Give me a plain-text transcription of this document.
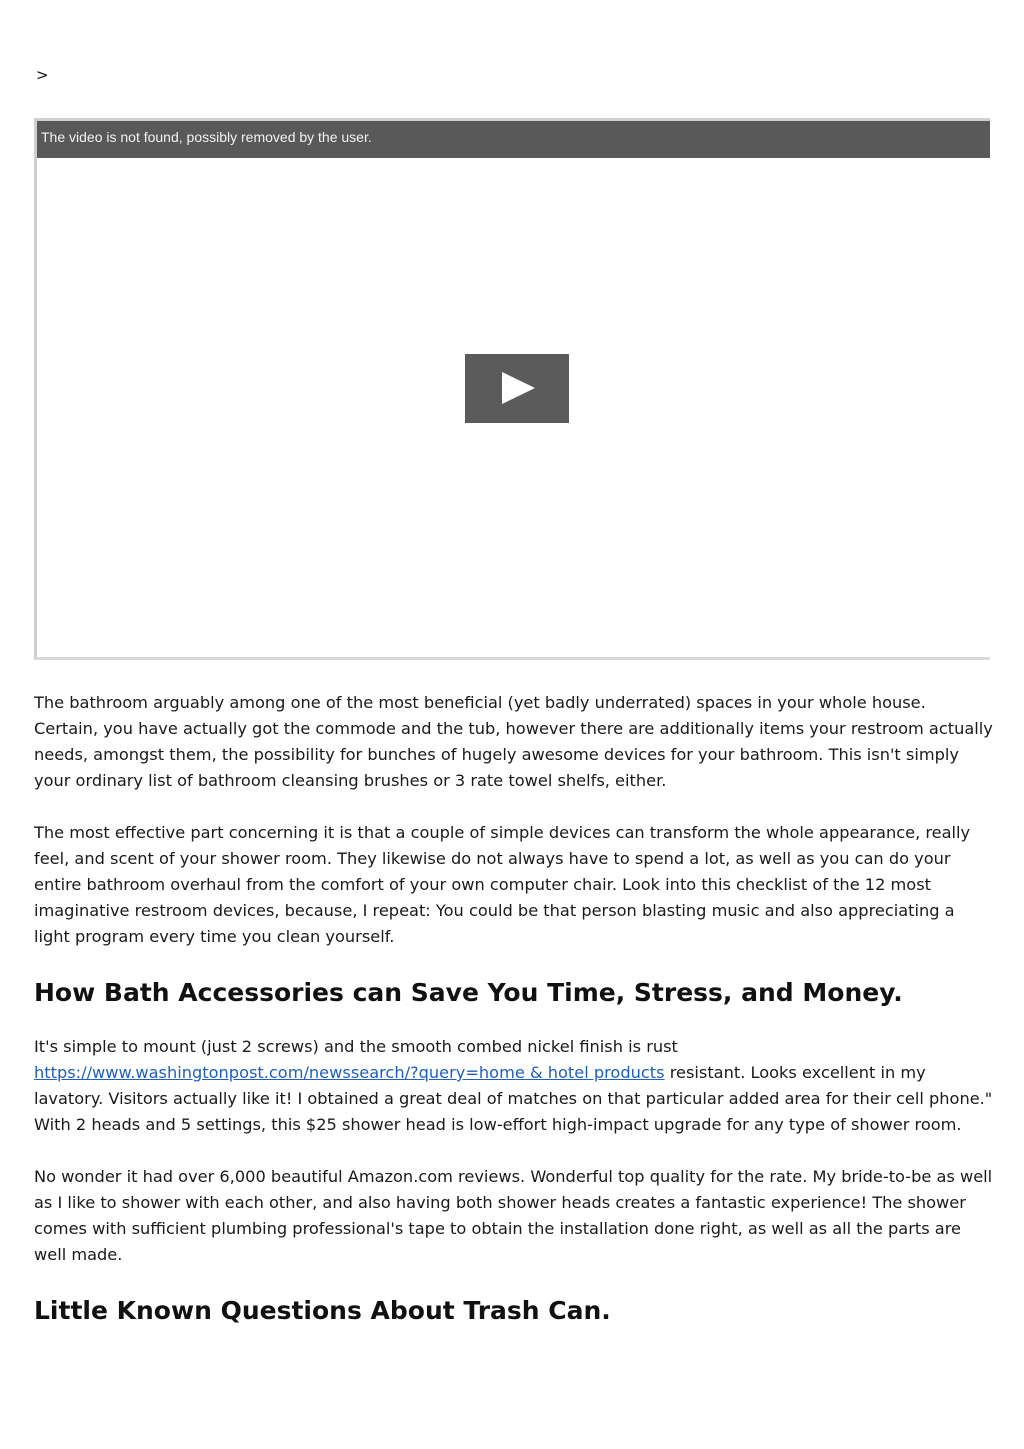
>
The video is not found, possibly removed by the user.

The bathroom arguably among one of the most beneficial (yet badly underrated) spaces in your whole house. Certain, you have actually got the commode and the tub, however there are additionally items your restroom actually needs, amongst them, the possibility for bunches of hugely awesome devices for your bathroom. This isn't simply your ordinary list of bathroom cleansing brushes or 3 rate towel shelfs, either.

The most effective part concerning it is that a couple of simple devices can transform the whole appearance, really feel, and scent of your shower room. They likewise do not always have to spend a lot, as well as you can do your entire bathroom overhaul from the comfort of your own computer chair. Look into this checklist of the 12 most imaginative restroom devices, because, I repeat: You could be that person blasting music and also appreciating a light program every time you clean yourself.

How Bath Accessories can Save You Time, Stress, and Money.

It's simple to mount (just 2 screws) and the smooth combed nickel finish is rust https://www.washingtonpost.com/newssearch/?query=home & hotel products resistant. Looks excellent in my lavatory. Visitors actually like it! I obtained a great deal of matches on that particular added area for their cell phone." With 2 heads and 5 settings, this $25 shower head is low-effort high-impact upgrade for any type of shower room.

No wonder it had over 6,000 beautiful Amazon.com reviews. Wonderful top quality for the rate. My bride-to-be as well as I like to shower with each other, and also having both shower heads creates a fantastic experience! The shower comes with sufficient plumbing professional's tape to obtain the installation done right, as well as all the parts are well made.

Little Known Questions About Trash Can.
